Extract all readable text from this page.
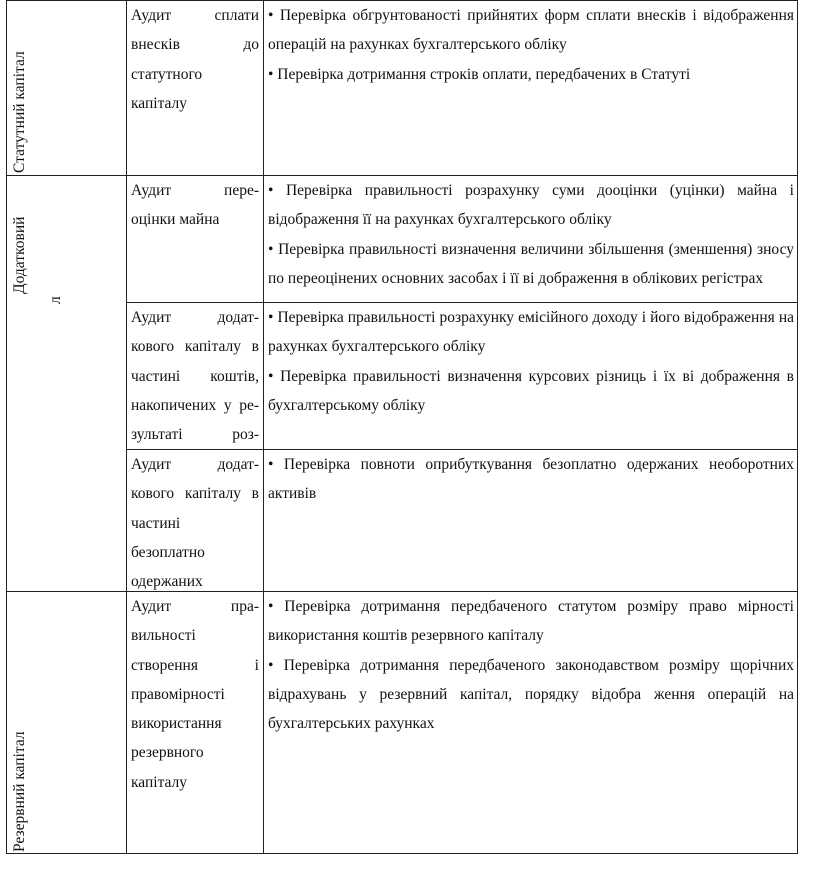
Статутний капітал
Додатковий
л
Резервний капітал

Аудит сплати

внесків до

статутного

капіталу

• Перевірка обгрунтованості прийнятих форм сплати внесків і відображення операцій на рахунках бухгалтерського обліку

• Перевірка дотримання строків оплати, передбачених в Статуті

Аудит пере-

оцінки майна

• Перевірка правильності розрахунку суми дооцінки (уцінки) майна і відображення її на рахунках бухгалтерського обліку

• Перевірка правильності визначення величини збільшення (зменшення) зносу по переоцінених основних засобах і її ві дображення в облікових регістрах

Аудит додат-

кового капіталу в

частині коштів,

накопичених у ре-

зультаті роз-

• Перевірка правильності розрахунку емісійного доходу і його відображення на рахунках бухгалтерського обліку

• Перевірка правильності визначення курсових різниць і їх ві дображення в бухгалтерському обліку

Аудит додат-

кового капіталу в

частині

безоплатно

одержаних

• Перевірка повноти оприбуткування безоплатно одержаних необоротних активів

Аудит пра-

вильності

створення і

правомірності

використання

резервного

капіталу

• Перевірка дотримання передбаченого статутом розміру право мірності використання коштів резервного капіталу

• Перевірка дотримання передбаченого законодавством розміру щорічних відрахувань у резервний капітал, порядку відобра ження операцій на бухгалтерських рахунках
